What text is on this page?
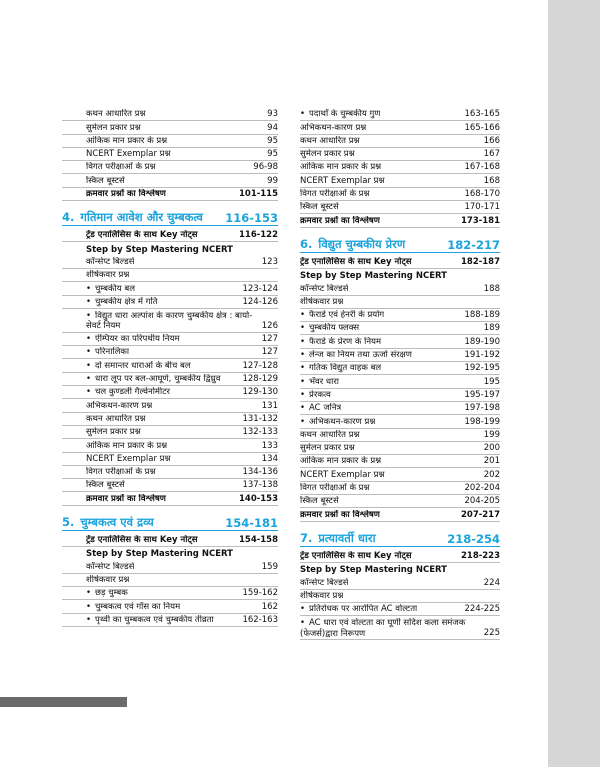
कथन आधारित प्रश्न	93
सुमेलन प्रकार प्रश्न	94
आंकिक मान प्रकार के प्रश्न	95
NCERT Exemplar प्रश्न	95
विगत परीक्षाओं के प्रश्न	96-98
स्किल बूस्टर्स	99
क्रमवार प्रश्नों का विश्लेषण	101-115
4. गतिमान आवेश और चुम्बकत्व 116-153
ट्रेंड एनालिसिस के साथ Key नोट्स	116-122
Step by Step Mastering NCERT
कॉन्सेप्ट बिल्डर्स	123
शीर्षकवार प्रश्न
• चुम्बकीय बल	123-124
• चुम्बकीय क्षेत्र में गति	124-126
• विद्युत धारा अल्पांश के कारण चुम्बकीय क्षेत्र : बायो-सेवर्ट नियम	126
• ऐम्पियर का परिपथीय नियम	127
• परिनालिका	127
• दो समान्तर धाराओं के बीच बल	127-128
• धारा लूप पर बल-आघूर्ण, चुम्बकीय द्विध्रुव	128-129
• चल कुण्डली गैल्वेनोमीटर	129-130
अभिकथन-कारण प्रश्न	131
कथन आधारित प्रश्न	131-132
सुमेलन प्रकार प्रश्न	132-133
आंकिक मान प्रकार के प्रश्न	133
NCERT Exemplar प्रश्न	134
विगत परीक्षाओं के प्रश्न	134-136
स्किल बूस्टर्स	137-138
क्रमवार प्रश्नों का विश्लेषण	140-153
5. चुम्बकत्व एवं द्रव्य	154-181
ट्रेंड एनालिसिस के साथ Key नोट्स	154-158
Step by Step Mastering NCERT
कॉन्सेप्ट बिल्डर्स	159
शीर्षकवार प्रश्न
• छड़ चुम्बक	159-162
• चुम्बकत्व एवं गॉस का नियम	162
• पृथ्वी का चुम्बकत्व एवं चुम्बकीय तीव्रता	162-163
• पदार्थों के चुम्बकीय गुण	163-165
अभिकथन-कारण प्रश्न	165-166
कथन आधारित प्रश्न	166
सुमेलन प्रकार प्रश्न	167
आंकिक मान प्रकार के प्रश्न	167-168
NCERT Exemplar प्रश्न	168
विगत परीक्षाओं के प्रश्न	168-170
स्किल बूस्टर्स	170-171
क्रमवार प्रश्नों का विश्लेषण	173-181
6. विद्युत चुम्बकीय प्रेरण	182-217
ट्रेंड एनालिसिस के साथ Key नोट्स	182-187
Step by Step Mastering NCERT
कॉन्सेप्ट बिल्डर्स	188
शीर्षकवार प्रश्न
• फैराडे एवं हेनरी के प्रयोग	188-189
• चुम्बकीय फ्लक्स	189
• फैराडे के प्रेरण के नियम	189-190
• लेन्ज का नियम तथा ऊर्जा संरक्षण	191-192
• गतिक विद्युत वाहक बल	192-195
• भँवर धारा	195
• प्रेरकत्व	195-197
• AC जनित्र	197-198
• अभिकथन-कारण प्रश्न	198-199
कथन आधारित प्रश्न	199
सुमेलन प्रकार प्रश्न	200
आंकिक मान प्रकार के प्रश्न	201
NCERT Exemplar प्रश्न	202
विगत परीक्षाओं के प्रश्न	202-204
स्किल बूस्टर्स	204-205
क्रमवार प्रश्नों का विश्लेषण	207-217
7. प्रत्यावर्ती धारा	218-254
ट्रेंड एनालिसिस के साथ Key नोट्स	218-223
Step by Step Mastering NCERT
कॉन्सेप्ट बिल्डर्स	224
शीर्षकवार प्रश्न
• प्रतिरोधक पर आरोपित AC वोल्टता	224-225
• AC धारा एवं वोल्टता का घूर्णी सदिश कला समंजक (फेजर्स)द्वारा निरूपण	225
